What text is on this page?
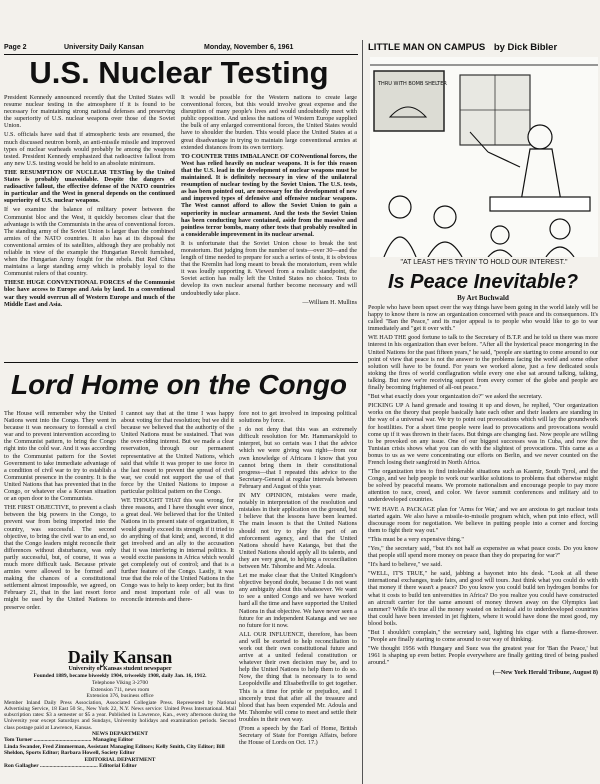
Page 2	University Daily Kansan	Monday, November 6, 1961
U.S. Nuclear Testing

President Kennedy announced recently that the United States will resume nuclear testing in the atmosphere if it is found to be necessary for maintaining strong national defenses and preserving the superiority of U.S. nuclear weapons over those of the Soviet Union.

U.S. officials have said that if atmospheric tests are resumed, the much discussed neutron bomb, an anti-missile missile and improved types of nuclear warheads would probably be among the weapons tested. President Kennedy emphasized that radioactive fallout from any new U.S. testing would be held to an absolute minimum.

THE RESUMPTION OF NUCLEAR TESTing by the United States is probably unavoidable. Despite the dangers of radioactive fallout, the effective defense of the NATO countries in particular and the West in general depends on the continued superiority of U.S. nuclear weapons.

If we examine the balance of military power between the Communist bloc and the West, it quickly becomes clear that the advantage is with the Communists in the area of conventional forces. The standing army of the Soviet Union is larger than the combined armies of the NATO countries. It also has at its disposal the conventional armies of its satellites, although they are probably not reliable in view of the example the Hungarian Revolt furnished, when the Hungarian Army fought for the rebels. But Red China maintains a large standing army which is probably loyal to the Communist rulers of that country.

THESE HUGE CONVENTIONAL FORCES of the Communist bloc have access to Europe and Asia by land. In a conventional war they would overrun all of Western Europe and much of the Middle East and Asia.

It would be possible for the Western nations to create large conventional forces, but this would involve great expense and the disruption of many people's lives and would undoubtedly meet with public opposition. And unless the nations of Western Europe supplied the bulk of any enlarged conventional forces, the United States would have to shoulder the burden. This would place the United States at a great disadvantage in trying to maintain large conventional armies at extended distances from its own territory.

TO COUNTER THIS IMBALANCE OF CONventional forces, the West has relied heavily on nuclear weapons. It is for this reason that the U.S. lead in the development of nuclear weapons must be maintained. It is definitely necessary in view of the unilateral resumption of nuclear testing by the Soviet Union. The U.S. tests, as has been pointed out, are necessary for the development of new and improved types of defensive and offensive nuclear weapons. The West cannot afford to allow the Soviet Union to gain a superiority in nuclear armament. And the tests the Soviet Union has been conducting have contained, aside from the massive and pointless terror bombs, many other tests that probably resulted in a considerable improvement in its nuclear arsenal.

It is unfortunate that the Soviet Union chose to break the test moratorium. But judging from the number of tests—over 30—and the length of time needed to prepare for such a series of tests, it is obvious that the Kremlin had long meant to break the moratorium, even while it was loudly supporting it. Viewed from a realistic standpoint, the Soviet action has really left the United States no choice. Tests to develop its own nuclear arsenal further become necessary and will undoubtedly take place.

—William H. Mullins

Lord Home on the Congo

The House will remember why the United Nations went into the Congo. They went in because it was necessary to forestall a civil war and to prevent intervention according to the Communist pattern, to bring the Congo right into the cold war. And it was according to the Communist pattern for the Soviet Government to take immediate advantage of a condition of civil war to try to establish a Communist presence in the country. It is the United Nations that has prevented that in the Congo, or whatever else a Korean situation or an open door to the Communists.

THE FIRST OBJECTIVE, to prevent a clash between the big powers in the Congo, to prevent war from being imported into the country, was successful. The second objective, to bring the civil war to an end, so that the Congo leaders might reconcile their differences without disturbance, was only partly successful, but, of course, it was a much more difficult task. Because private armies were allowed to be formed and making the chances of a constitutional settlement almost impossible, we agreed, on February 21, that in the last resort force might be used by the United Nations to preserve order.

I cannot say that at the time I was happy about voting for that resolution; but we did it because we believed that the authority of the United Nations must be sustained. That was the over-riding interest. But we made a clear reservation, through our permanent representative at the United Nations, which said that while it was proper to use force in the last resort to prevent the spread of civil war, we could not support the use of that force by the United Nations to impose a particular political pattern on the Congo.

WE THOUGHT THAT this was wrong, for three reasons, and I have thought ever since, a great deal. We believed that for the United Nations in its present state of organization, it would greatly exceed its strength if it tried to do anything of that kind; and, second, it did get involved and an ally to the accusation that it was interfering in internal politics. It would excite passions in Africa which would get completely out of control; and that is a further feature of the Congo. Lastly, it was true that the role of the United Nations in the Congo was to help to keep order; but its first and most important role of all was to reconcile interests and there-

fore not to get involved in imposing political solutions by force.

I do not deny that this was an extremely difficult resolution for Mr. Hammarskjold to interpret, but so certain was I that the advice which we were giving was right—from our own knowledge of Africans I know that you cannot bring them in their constitutional progress—that I repeated this advice to the Secretary-General at regular intervals between February and August of this year.

IN MY OPINION, mistakes were made, notably in interpretation of the resolution and mistakes in their application on the ground, but I believe that the lessons have been learned. The main lesson is that the United Nations should not try to play the part of an enforcement agency, and that the United Nations should have Katanga, but that the United Nations should apply all its talents, and they are very great, to helping a reconciliation between Mr. Tshombe and Mr. Adoula.

Let me make clear that the United Kingdom's objective beyond doubt, because I do not want any ambiguity about this whatsoever. We want to see a united Congo and we have worked hard all the time and have supported the United Nations in that objective. We have never seen a future for an independent Katanga and we see no future for it now.

ALL OUR INFLUENCE, therefore, has been and will be exerted to help reconciliation to work out their own constitutional future and arrive at a united federal constitution or whatever their own decision may be, and to help the United Nations to help them to do so. Now, the thing that is necessary is to send Leopoldville and Elisabethville to get together. This is a time for pride or prejudice, and I sincerely trust that after all the treasure and blood that has been expended Mr. Adoula and Mr. Tshombe will come to meet and settle their troubles in their own way.

(From a speech by the Earl of Home, British Secretary of State for Foreign Affairs, before the House of Lords on Oct. 17.)

Daily Kansan
University of Kansas student newspaper
Founded 1889, became biweekly 1904, triweekly 1908, daily Jan. 16, 1912.
Telephone Viking 3-2700
Extension 711, news room
Extension 376, business office
Member Inland Daily Press Association, Associated Collegiate Press. Represented by National Advertising Service, 18 East 50 St., New York 22, N.Y. News service: United Press International. Mail subscription rates: $3 a semester or $5 a year. Published in Lawrence, Kan., every afternoon during the University year except Saturdays and Sundays, University holidays and examination periods. Second class postage paid at Lawrence, Kansas.
NEWS DEPARTMENT
Tom Turner .......................................... Managing Editor
Linda Swander, Fred Zimmerman, Assistant Managing Editors; Kelly Smith, City Editor; Bill Sheldon, Sports Editor; Barbara Howell, Society Editor
EDITORIAL DEPARTMENT
Ron Gallagher .......................................... Editorial Editor
LITTLE MAN ON CAMPUS by Dick Bibler
THRU WITH BOMB SHELTER
"AT LEAST HE'S TRYIN' TO HOLD OUR INTEREST."
Is Peace Inevitable?
By Art Buchwald

People who have been upset over the way things have been going in the world lately will be happy to know there is now an organization concerned with peace and its consequences. It's called "Ban the Peace," and its major appeal is to people who would like to go to war immediately and "get it over with."

WE HAD THE good fortune to talk to the Secretary of B.T.P. and he told us there was more interest in his organization than ever before. "After all the hysterical peace mongering in the United Nations for the past fifteen years," he said, "people are starting to come around to our point of view that peace is not the answer to the problems facing the world and some other solution will have to be found. For years we worked alone, just a few dedicated souls stoking the fires of world conflagration while every one else sat around talking, talking, talking. But now we're receiving support from every corner of the globe and people are finally becoming frightened of all-out peace."

"But what exactly does your organization do?" we asked the secretary.

PICKING UP A hand grenade and tossing it up and down, he replied, "Our organization works on the theory that people basically hate each other and their leaders are standing in the way of a universal war. We try to point out provocations which will lay the groundwork for hostilities. For a short time people were lead to provocations and provocations would come up if it was thrown in their faces. But things are changing fast. Now people are willing to be provoked on any issue. One of our biggest successes was in Cuba, and now the Tunisian crisis shows what you can do with the slightest of provocations. This came as a bonus to us as we were concentrating our efforts on Berlin, and we never counted on the French losing their sangfroid in North Africa.

"The organization tries to find intolerable situations such as Kasmir, South Tyrol, and the Congo, and we help people to work our warlike solutions to problems that otherwise might be solved by peaceful means. We promote nationalism and encourage people to pay more attention to race, creed, and color. We favor summit conferences and military aid to underdeveloped countries.

"WE HAVE A PACKAGE plan for 'Arms for War,' and we are anxious to get nuclear tests started again. We also have a missile-to-missile program which, when put into effect, will discourage room for negotiation. We believe in putting people into a corner and forcing them to fight their way out."

"This must be a very expensive thing."

"Yes," the secretary said, "but it's not half as expensive as what peace costs. Do you know that people still spend more money on peace than they do preparing for war?"

"It's hard to believe," we said.

"WELL, IT'S TRUE," he said, jabbing a bayonet into his desk. "Look at all these international exchanges, trade fairs, and good will tours. Just think what you could do with that money if there wasn't a peace? Do you know you could build ten hydrogen bombs for what it costs to build ten universities in Africa? Do you realize you could have constructed an aircraft carrier for the same amount of money thrown away on the Olympics last summer? While it's true all the money wasted on technical aid to underdeveloped countries that could have been invested in jet fighters, where it would have done the most good, my blood boils.

"But I shouldn't complain," the secretary said, lighting his cigar with a flame-thrower. "People are finally starting to come around to our way of thinking.

"We thought 1956 with Hungary and Suez was the greatest year for 'Ban the Peace,' but 1961 is shaping up even better. People everywhere are finally getting tired of being pushed around."

(—New York Herald Tribune, August 8)
